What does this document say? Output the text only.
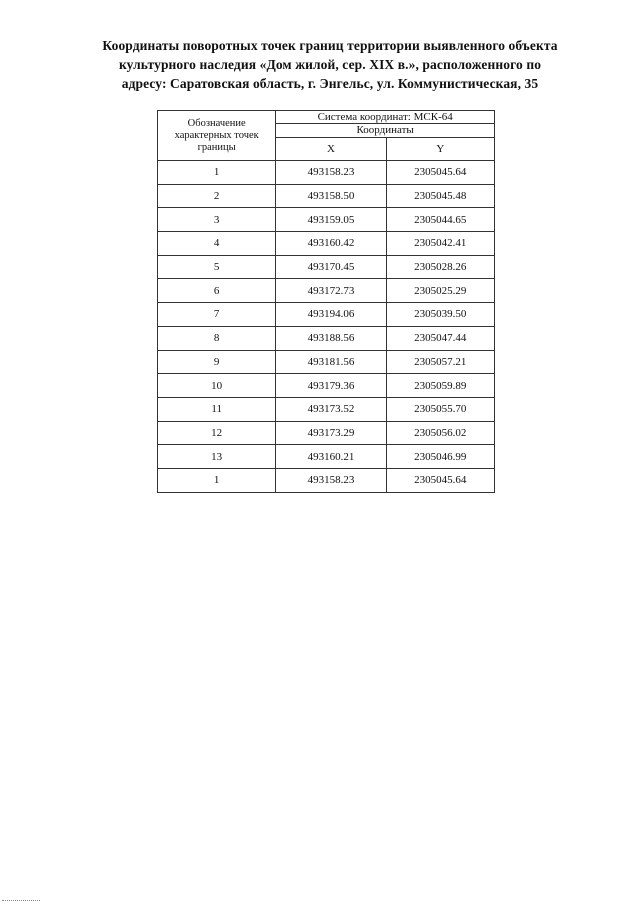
Координаты поворотных точек границ территории выявленного объекта
культурного наследия «Дом жилой, сер. XIX в.», расположенного по
адресу: Саратовская область, г. Энгельс, ул. Коммунистическая, 35
Обозначение характерных точек границы	Система координат: МСК-64	
	Координаты	
	X	Y
1	493158.23	2305045.64
2	493158.50	2305045.48
3	493159.05	2305044.65
4	493160.42	2305042.41
5	493170.45	2305028.26
6	493172.73	2305025.29
7	493194.06	2305039.50
8	493188.56	2305047.44
9	493181.56	2305057.21
10	493179.36	2305059.89
11	493173.52	2305055.70
12	493173.29	2305056.02
13	493160.21	2305046.99
1	493158.23	2305045.64
